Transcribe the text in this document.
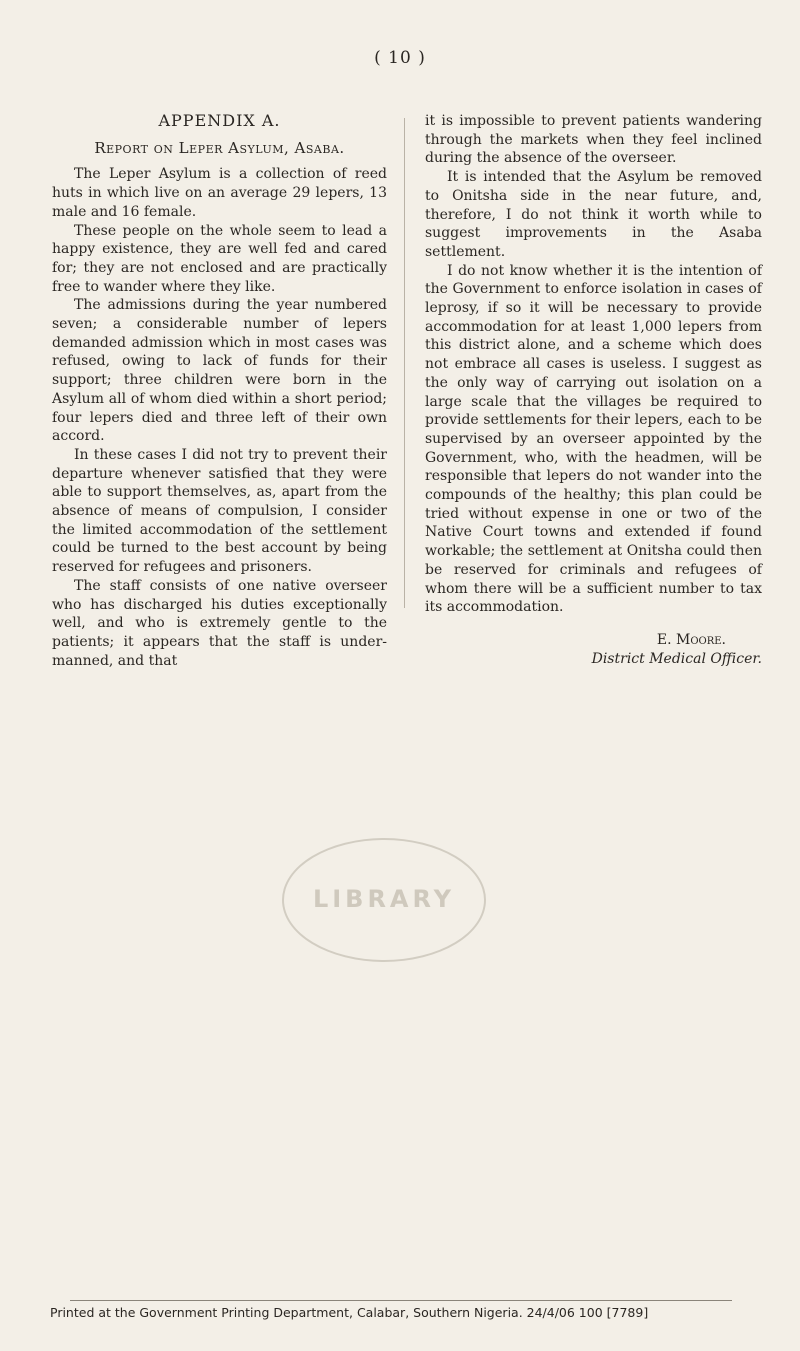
( 10 )
APPENDIX A.
Report on Leper Asylum, Asaba.

The Leper Asylum is a collection of reed huts in which live on an average 29 lepers, 13 male and 16 female.

These people on the whole seem to lead a happy existence, they are well fed and cared for; they are not enclosed and are practically free to wander where they like.

The admissions during the year numbered seven; a considerable number of lepers demanded admission which in most cases was refused, owing to lack of funds for their support; three children were born in the Asylum all of whom died within a short period; four lepers died and three left of their own accord.

In these cases I did not try to prevent their departure whenever satisfied that they were able to support themselves, as, apart from the absence of means of compulsion, I consider the limited accommodation of the settlement could be turned to the best account by being reserved for refugees and prisoners.

The staff consists of one native overseer who has discharged his duties exceptionally well, and who is extremely gentle to the patients; it appears that the staff is under-manned, and that

it is impossible to prevent patients wandering through the markets when they feel inclined during the absence of the overseer.

It is intended that the Asylum be removed to Onitsha side in the near future, and, therefore, I do not think it worth while to suggest improvements in the Asaba settlement.

I do not know whether it is the intention of the Government to enforce isolation in cases of leprosy, if so it will be necessary to provide accommodation for at least 1,000 lepers from this district alone, and a scheme which does not embrace all cases is useless. I suggest as the only way of carrying out isolation on a large scale that the villages be required to provide settlements for their lepers, each to be supervised by an overseer appointed by the Government, who, with the headmen, will be responsible that lepers do not wander into the compounds of the healthy; this plan could be tried without expense in one or two of the Native Court towns and extended if found workable; the settlement at Onitsha could then be reserved for criminals and refugees of whom there will be a sufficient number to tax its accommodation.

E. Moore.
District Medical Officer.
LIBRARY
Printed at the Government Printing Department, Calabar, Southern Nigeria. 24/4/06 100 [7789]
